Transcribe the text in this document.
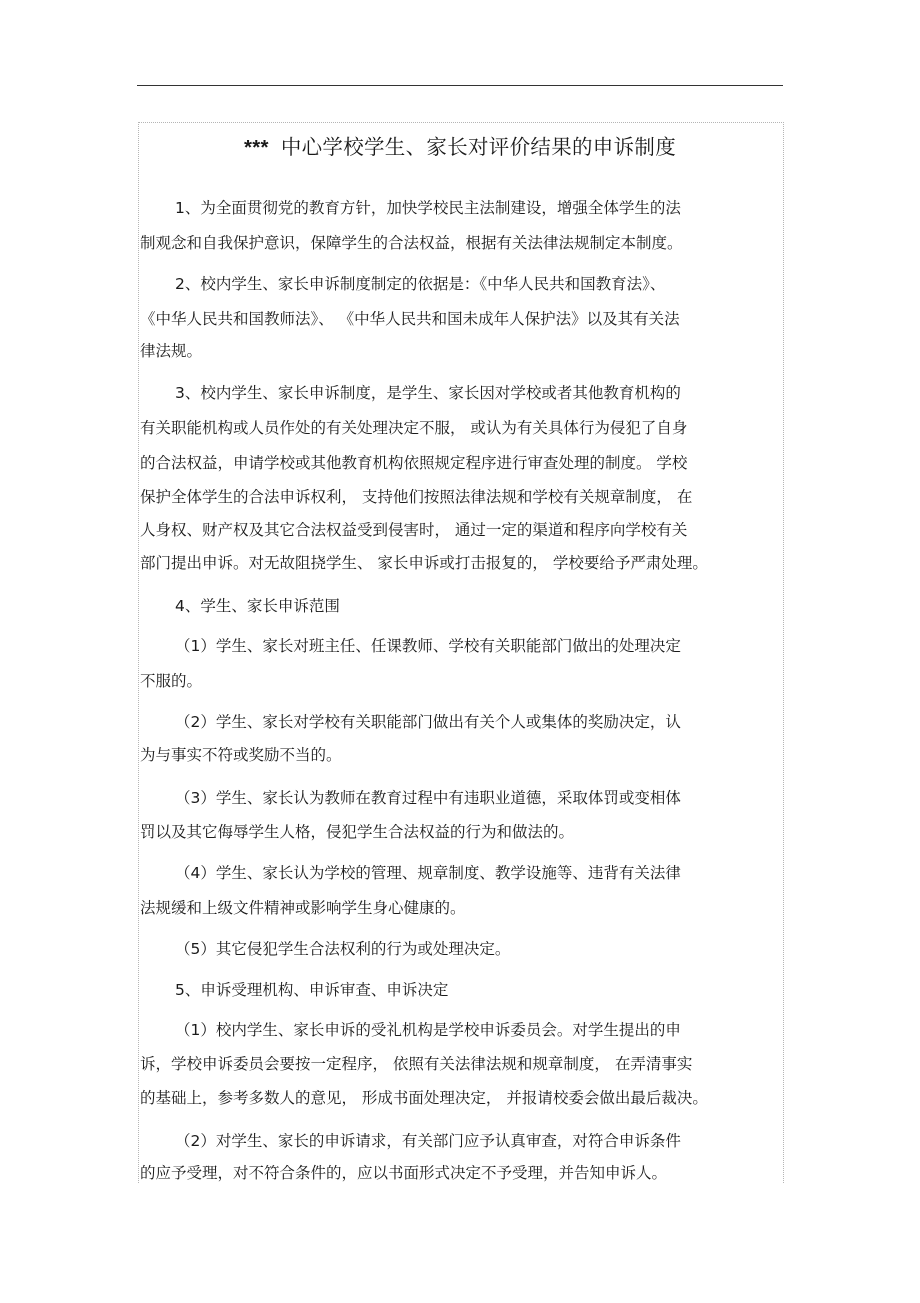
*** 中心学校学生、家长对评价结果的申诉制度
1、为全面贯彻党的教育方针，加快学校民主法制建设，增强全体学生的法
制观念和自我保护意识，保障学生的合法权益，根据有关法律法规制定本制度。
2、校内学生、家长申诉制度制定的依据是：《中华人民共和国教育法》、
《中华人民共和国教师法》、 《中华人民共和国未成年人保护法》以及其有关法
律法规。
3、校内学生、家长申诉制度，是学生、家长因对学校或者其他教育机构的
有关职能机构或人员作处的有关处理决定不服， 或认为有关具体行为侵犯了自身
的合法权益，申请学校或其他教育机构依照规定程序进行审查处理的制度。 学校
保护全体学生的合法申诉权利， 支持他们按照法律法规和学校有关规章制度， 在
人身权、财产权及其它合法权益受到侵害时， 通过一定的渠道和程序向学校有关
部门提出申诉。对无故阻挠学生、 家长申诉或打击报复的， 学校要给予严肃处理。
4、学生、家长申诉范围
（1）学生、家长对班主任、任课教师、学校有关职能部门做出的处理决定
不服的。
（2）学生、家长对学校有关职能部门做出有关个人或集体的奖励决定，认
为与事实不符或奖励不当的。
（3）学生、家长认为教师在教育过程中有违职业道德，采取体罚或变相体
罚以及其它侮辱学生人格，侵犯学生合法权益的行为和做法的。
（4）学生、家长认为学校的管理、规章制度、教学设施等、违背有关法律
法规缓和上级文件精神或影响学生身心健康的。
（5）其它侵犯学生合法权利的行为或处理决定。
5、申诉受理机构、申诉审查、申诉决定
（1）校内学生、家长申诉的受礼机构是学校申诉委员会。对学生提出的申
诉，学校申诉委员会要按一定程序， 依照有关法律法规和规章制度， 在弄清事实
的基础上，参考多数人的意见， 形成书面处理决定， 并报请校委会做出最后裁决。
（2）对学生、家长的申诉请求，有关部门应予认真审查，对符合申诉条件
的应予受理，对不符合条件的，应以书面形式决定不予受理，并告知申诉人。
